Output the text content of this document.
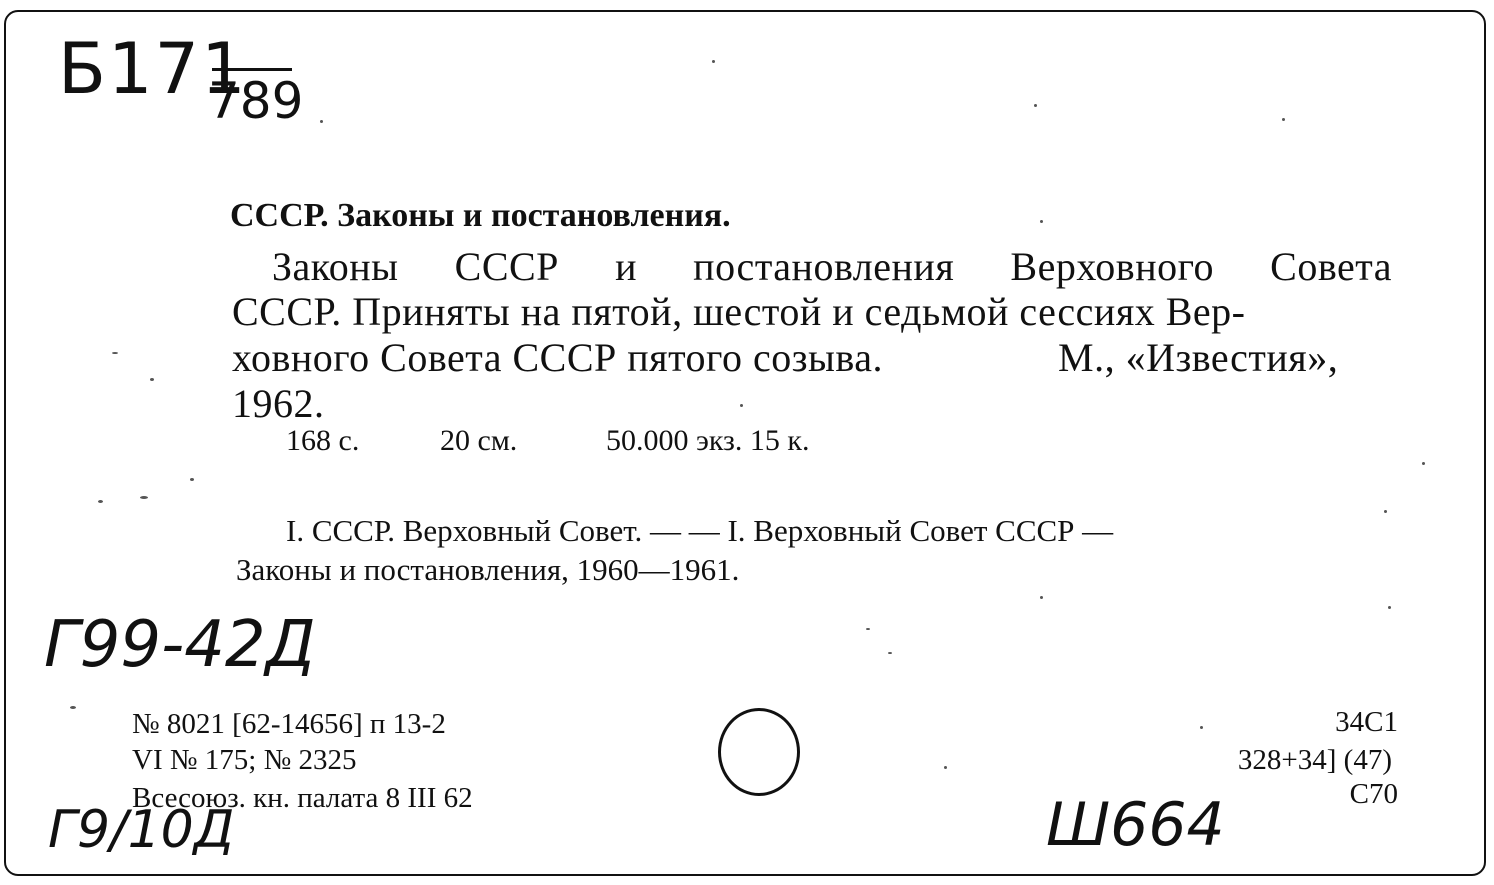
Б171
789
СССР. Законы и постановления.
Законы СССР и постановления Верховного Совета
СССР. Приняты на пятой, шестой и седьмой сессиях Вер-
ховного Совета СССР пятого созыва.	М., «Известия»,
1962.
168 с.	20 см.	50.000 экз. 15 к.
I. СССР. Верховный Совет. — — I. Верховный Совет СССР —
Законы и постановления, 1960—1961.
Г99-42Д
№ 8021 [62-14656] п 13-2
VI № 175; № 2325
Всесоюз. кн. палата 8 III 62
34С1
328+34] (47)
С70
Г9/10Д	Ш664
